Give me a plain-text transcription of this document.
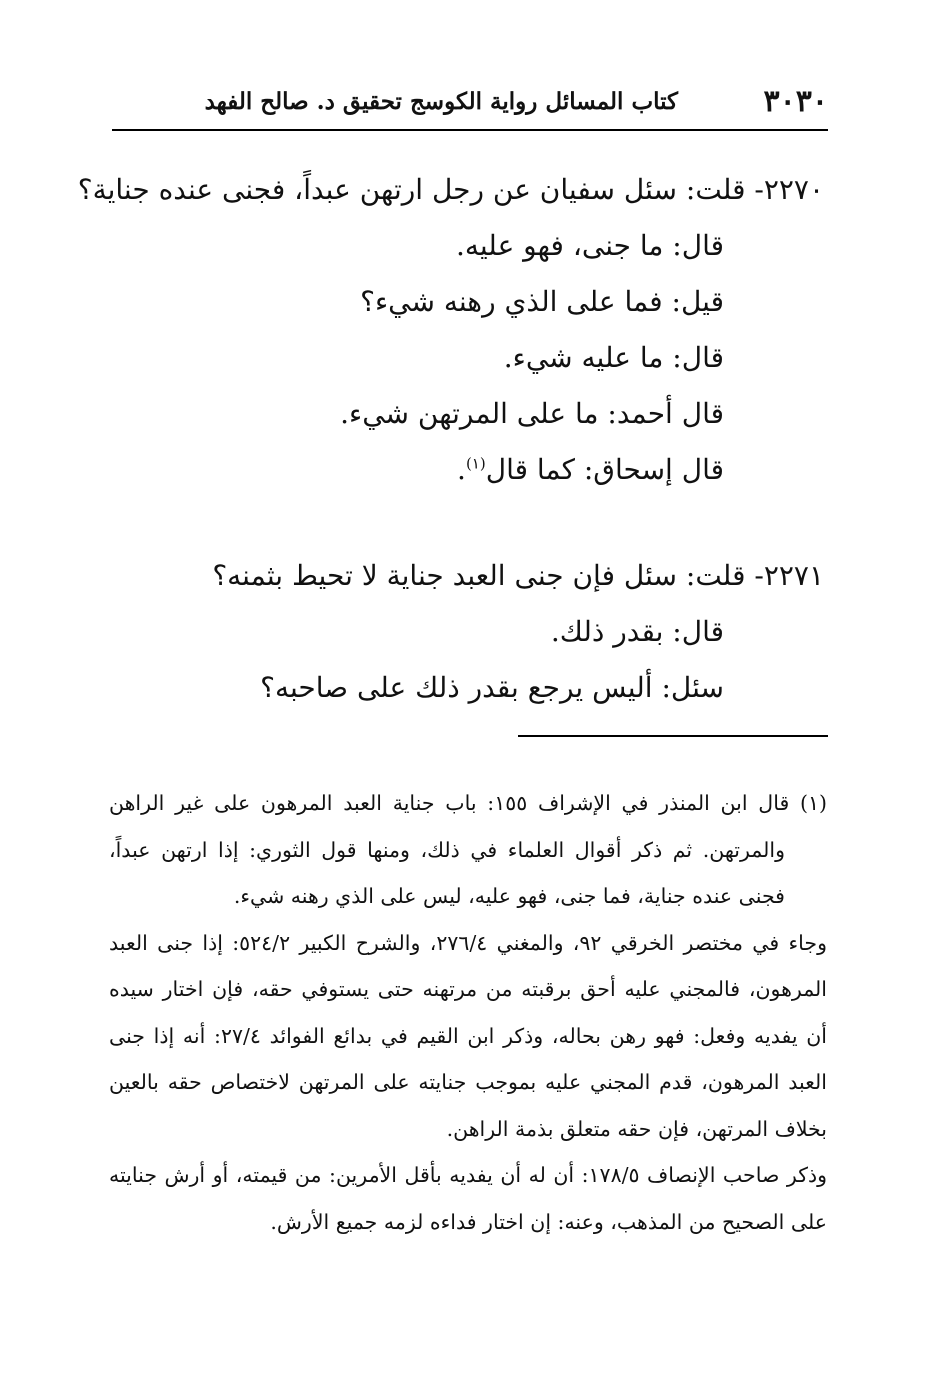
٣٠٣٠
كتاب المسائل رواية الكوسج تحقيق د. صالح الفهد
٢٢٧٠- قلت: سئل سفيان عن رجل ارتهن عبداً، فجنى عنده جناية؟
قال: ما جنى، فهو عليه.
قيل: فما على الذي رهنه شيء؟
قال: ما عليه شيء.
قال أحمد: ما على المرتهن شيء.
قال إسحاق: كما قال$^{(١)}$.
٢٢٧١- قلت: سئل فإن جنى العبد جناية لا تحيط بثمنه؟
قال: بقدر ذلك.
سئل: أليس يرجع بقدر ذلك على صاحبه؟

(١) قال ابن المنذر في الإشراف ١٥٥: باب جناية العبد المرهون على غير الراهن والمرتهن. ثم ذكر أقوال العلماء في ذلك، ومنها قول الثوري: إذا ارتهن عبداً، فجنى عنده جناية، فما جنى، فهو عليه، ليس على الذي رهنه شيء.

وجاء في مختصر الخرقي ٩٢، والمغني ٢٧٦/٤، والشرح الكبير ٥٢٤/٢: إذا جنى العبد المرهون، فالمجني عليه أحق برقبته من مرتهنه حتى يستوفي حقه، فإن اختار سيده أن يفديه وفعل: فهو رهن بحاله، وذكر ابن القيم في بدائع الفوائد ٢٧/٤: أنه إذا جنى العبد المرهون، قدم المجني عليه بموجب جنايته على المرتهن لاختصاص حقه بالعين بخلاف المرتهن، فإن حقه متعلق بذمة الراهن.

وذكر صاحب الإنصاف ١٧٨/٥: أن له أن يفديه بأقل الأمرين: من قيمته، أو أرش جنايته على الصحيح من المذهب، وعنه: إن اختار فداءه لزمه جميع الأرش.
